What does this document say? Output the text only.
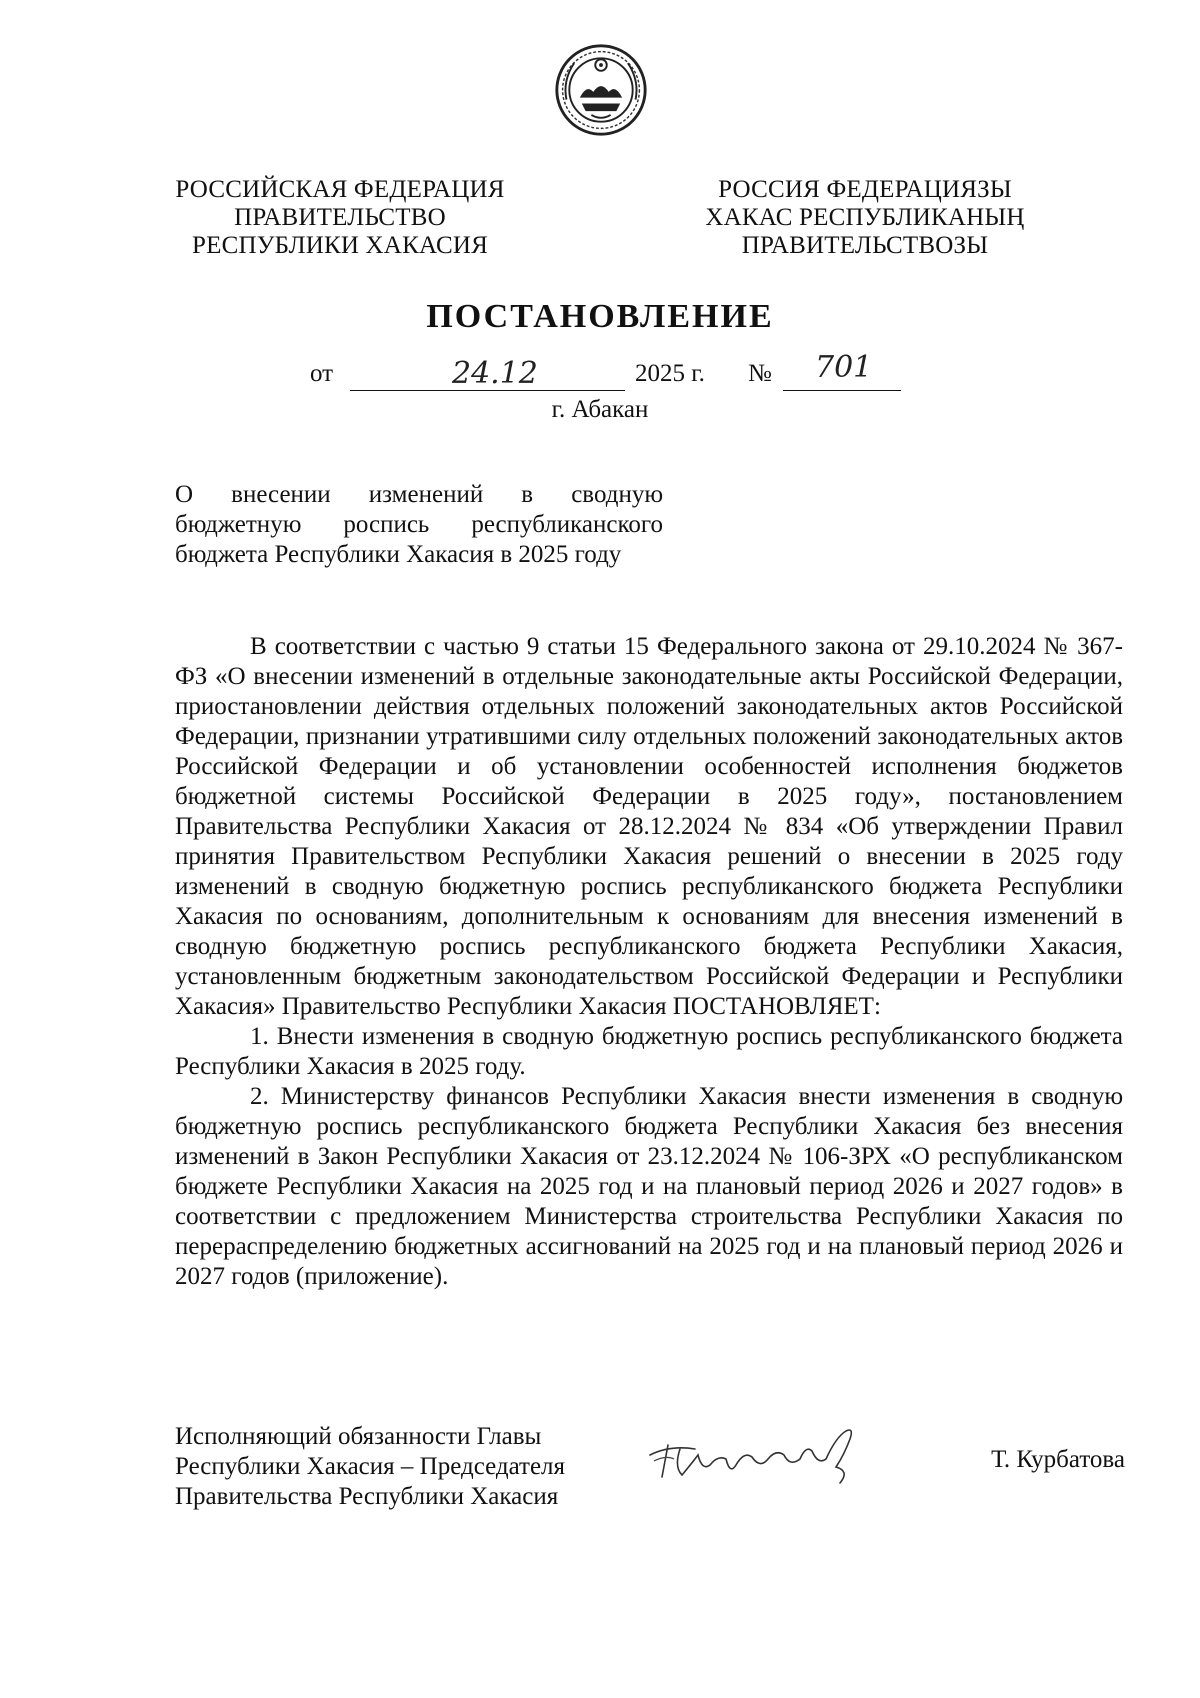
РОССИЙСКАЯ ФЕДЕРАЦИЯ
ПРАВИТЕЛЬСТВО
РЕСПУБЛИКИ ХАКАСИЯ
РОССИЯ ФЕДЕРАЦИЯЗЫ
ХАКАС РЕСПУБЛИКАНЫҢ
ПРАВИТЕЛЬСТВОЗЫ
ПОСТАНОВЛЕНИЕ
от	24.12	2025 г. № 701
г. Абакан
О внесении изменений в сводную
бюджетную роспись республиканского
бюджета Республики Хакасия в 2025 году

В соответствии с частью 9 статьи 15 Федерального закона от 29.10.2024 № 367-ФЗ «О внесении изменений в отдельные законодательные акты Российской Федерации, приостановлении действия отдельных положений законодательных актов Российской Федерации, признании утратившими силу отдельных положений законодательных актов Российской Федерации и об установлении особенностей исполнения бюджетов бюджетной системы Российской Федерации в 2025 году», постановлением Правительства Республики Хакасия от 28.12.2024 № 834 «Об утверждении Правил принятия Правительством Республики Хакасия решений о внесении в 2025 году изменений в сводную бюджетную роспись республиканского бюджета Республики Хакасия по основаниям, дополнительным к основаниям для внесения изменений в сводную бюджетную роспись республиканского бюджета Республики Хакасия, установленным бюджетным законодательством Российской Федерации и Республики Хакасия» Правительство Республики Хакасия ПОСТАНОВЛЯЕТ:

1. Внести изменения в сводную бюджетную роспись республиканского бюджета Республики Хакасия в 2025 году.

2. Министерству финансов Республики Хакасия внести изменения в сводную бюджетную роспись республиканского бюджета Республики Хакасия без внесения изменений в Закон Республики Хакасия от 23.12.2024 № 106-ЗРХ «О республиканском бюджете Республики Хакасия на 2025 год и на плановый период 2026 и 2027 годов» в соответствии с предложением Министерства строительства Республики Хакасия по перераспределению бюджетных ассигнований на 2025 год и на плановый период 2026 и 2027 годов (приложение).

Исполняющий обязанности Главы
Республики Хакасия – Председателя
Правительства Республики Хакасия
Т. Курбатова
